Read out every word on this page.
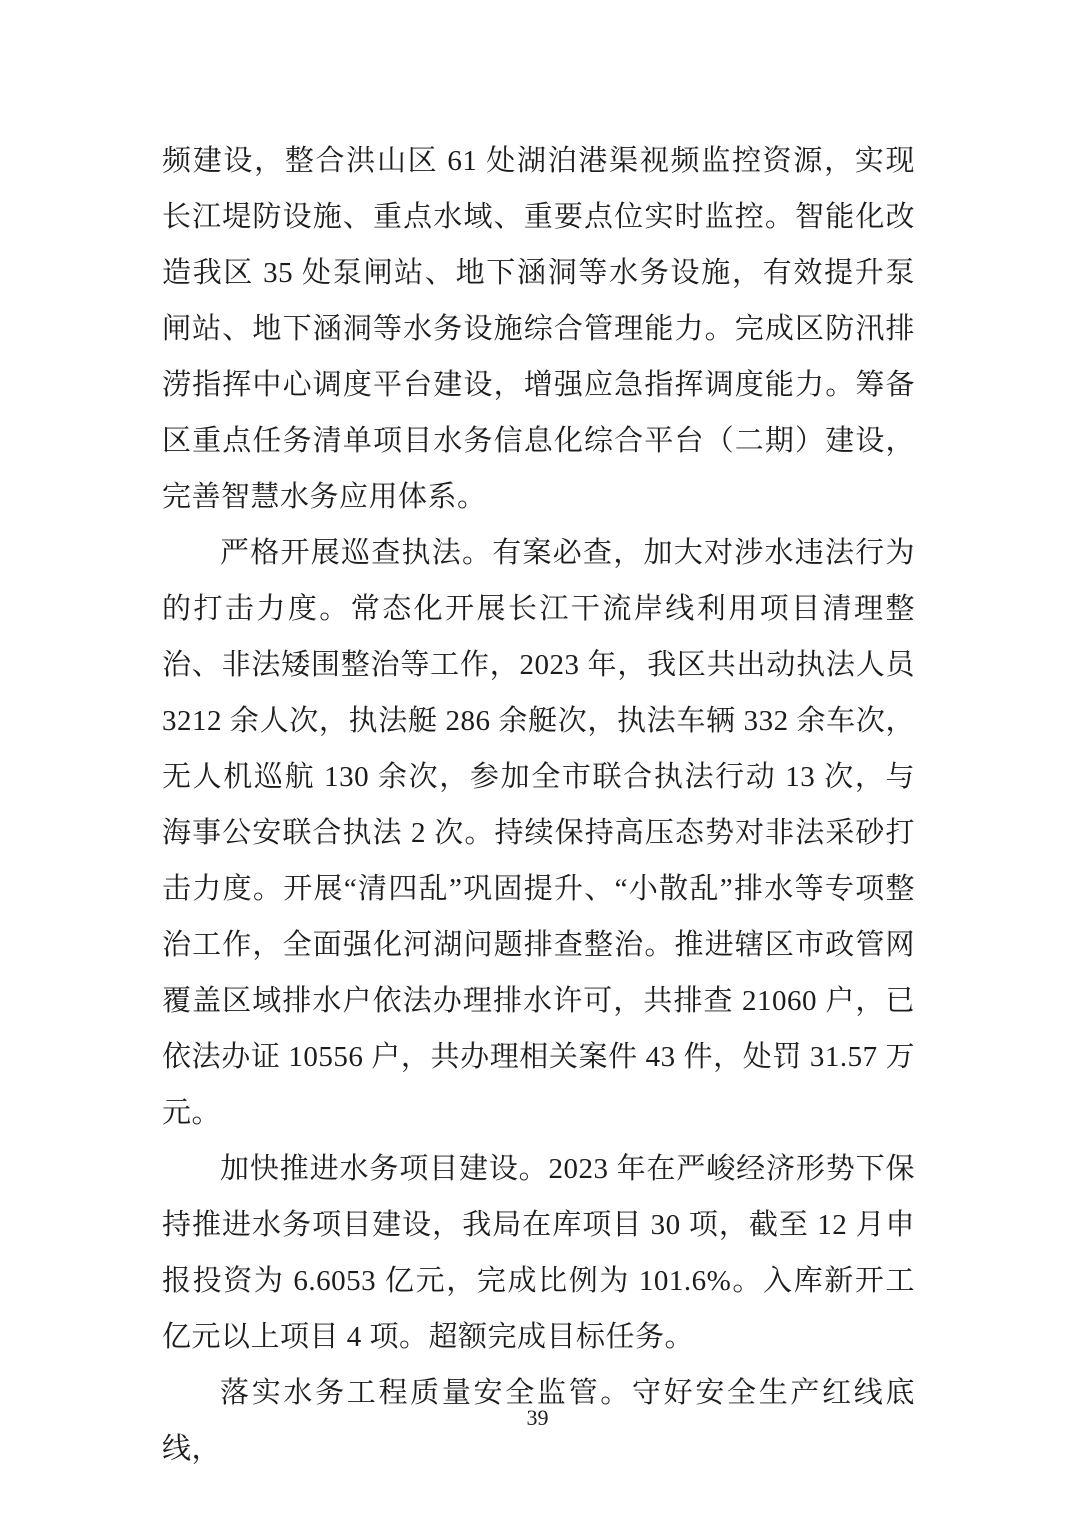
频建设，整合洪山区 61 处湖泊港渠视频监控资源，实现长江堤防设施、重点水域、重要点位实时监控。智能化改造我区 35 处泵闸站、地下涵洞等水务设施，有效提升泵闸站、地下涵洞等水务设施综合管理能力。完成区防汛排涝指挥中心调度平台建设，增强应急指挥调度能力。筹备区重点任务清单项目水务信息化综合平台（二期）建设，完善智慧水务应用体系。

严格开展巡查执法。有案必查，加大对涉水违法行为的打击力度。常态化开展长江干流岸线利用项目清理整治、非法矮围整治等工作，2023 年，我区共出动执法人员 3212 余人次，执法艇 286 余艇次，执法车辆 332 余车次，无人机巡航 130 余次，参加全市联合执法行动 13 次，与海事公安联合执法 2 次。持续保持高压态势对非法采砂打击力度。开展“清四乱”巩固提升、“小散乱”排水等专项整治工作，全面强化河湖问题排查整治。推进辖区市政管网覆盖区域排水户依法办理排水许可，共排查 21060 户，已依法办证 10556 户，共办理相关案件 43 件，处罚 31.57 万元。

加快推进水务项目建设。2023 年在严峻经济形势下保持推进水务项目建设，我局在库项目 30 项，截至 12 月申报投资为 6.6053 亿元，完成比例为 101.6%。入库新开工亿元以上项目 4 项。超额完成目标任务。

落实水务工程质量安全监管。守好安全生产红线底线，

39
